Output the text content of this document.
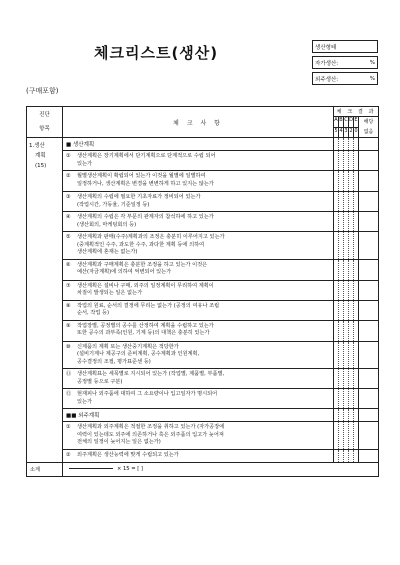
체크리스트(생산)
(구매포함)
생산형태	

자가생산:	%

외주생산:	%
진단
항목	체 크 사 항	체 크 결 과					
		A	B	C	D	E	해당
없음

		5	4	3	2	0	

1.생산
계획
(15)	■ 생산계획						

	① 생산계획은 장기계획에서 단기계획으로 단계적으로 수립 되어
있는가						

	② 월별생산계획이 확립되어 있는가 이것을 월별에 일별하여
일정하거나, 생산계획은 변경을 변변하게 하고 있지는 않는가						

	③ 생산계획의 수립에 필요한 기초자료가 정비되어 있는가
(작업시간, 가동율, 기준일정 등)						

	④ 생산계획의 수립은 각 부문의 관계자의 참석하에 하고 있는가
(생산회의, 마케팅회의 등)						

	⑤ 생산계획과 판매(수주)계획과의 조정은 충분히 이루어지고 있는가
(중계획적인 수주, 과도한 수주, 과다한 계획 등에 의하여
생산계획에 혼재는 없는가)						

	⑥ 생산계획과 구매계획은 충분한 조정을 하고 있는가 이것은
예산(자금계획)에 의하여 억변되어 있는가						

	⑦ 생산계획은 설비나 구매, 외주의 일정계획이 무리하여 계획이
차질이 발생되는 일은 없는가						

	⑧ 작업의 원료, 순서의 결정에 무리는 없는가 (공정의 여유나 조립
순서, 작업 등)						

	⑨ 작업장별, 공정별의 공수를 산정하여 계획을 수립하고 있는가
또한 공수의 과부족(인원, 기계 등)의 대책은 충분히 있는가						

	⑩ 신제품의 계획 또는 생산중기계획은 적당한가
(설비기계나 제공구의 준비계획, 공수계획과 인원계획,
공수결정의 조절, 평가표준센 등)						

	⑪ 생산계획표는 세목별로 지시되어 있는가 (작업별, 제품별, 부품별,
공정별 등으로 구분)						

	⑫ 현재피나 외주품에 대하여 그 소요량이나 입고일자가 명시되어
있는가						

	■■ 외주계획						

	① 생산계획과 외주계획은 적절한 조정을 취하고 있는가 (자가공장에
여력이 있는데도 외주에 의존하거나 혹은 외주품의 입고가 늦어져
전체의 일정이 늦어지는 일은 없는가)						

	② 외주계획은 생산능력에 맞게 수립되고 있는가						

소계	× 15 = [ ]						
